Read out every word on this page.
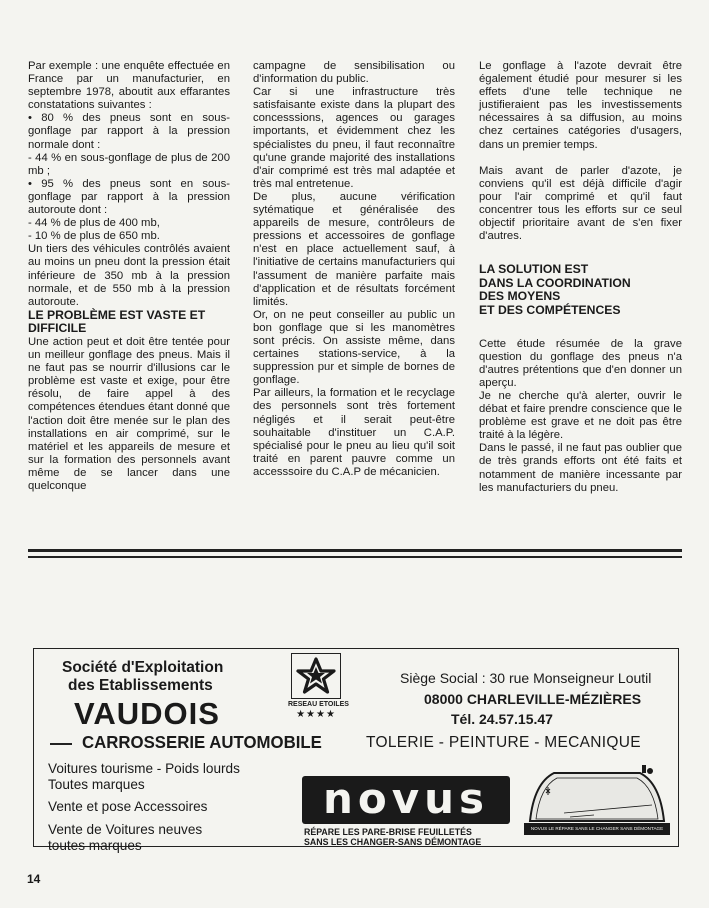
Par exemple : une enquête effectuée en France par un manufacturier, en septembre 1978, aboutit aux effarantes constatations suivantes :

• 80 % des pneus sont en sous-gonflage par rapport à la pression normale dont :

- 44 % en sous-gonflage de plus de 200 mb ;

• 95 % des pneus sont en sous-gonflage par rapport à la pression autoroute dont :

- 44 % de plus de 400 mb,

- 10 % de plus de 650 mb.

Un tiers des véhicules contrôlés avaient au moins un pneu dont la pression était inférieure de 350 mb à la pression normale, et de 550 mb à la pression autoroute.

LE PROBLÈME EST VASTE ET DIFFICILE

Une action peut et doit être tentée pour un meilleur gonflage des pneus. Mais il ne faut pas se nourrir d'illusions car le problème est vaste et exige, pour être résolu, de faire appel à des compétences étendues étant donné que l'action doit être menée sur le plan des installations en air comprimé, sur le matériel et les appareils de mesure et sur la formation des personnels avant même de se lancer dans une quelconque

campagne de sensibilisation ou d'information du public.

Car si une infrastructure très satisfaisante existe dans la plupart des concesssions, agences ou garages importants, et évidemment chez les spécialistes du pneu, il faut reconnaître qu'une grande majorité des installations d'air comprimé est très mal adaptée et très mal entretenue.

De plus, aucune vérification sytématique et généralisée des appareils de mesure, contrôleurs de pressions et accessoires de gonflage n'est en place actuellement sauf, à l'initiative de certains manufacturiers qui l'assument de manière parfaite mais d'application et de résultats forcément limités.

Or, on ne peut conseiller au public un bon gonflage que si les manomètres sont précis. On assiste même, dans certaines stations-service, à la suppression pur et simple de bornes de gonflage.

Par ailleurs, la formation et le recyclage des personnels sont très fortement négligés et il serait peut-être souhaitable d'instituer un C.A.P. spécialisé pour le pneu au lieu qu'il soit traité en parent pauvre comme un accesssoire du C.A.P de mécanicien.

Le gonflage à l'azote devrait être également étudié pour mesurer si les effets d'une telle technique ne justifieraient pas les investissements nécessaires à sa diffusion, au moins chez certaines catégories d'usagers, dans un premier temps.

Mais avant de parler d'azote, je conviens qu'il est déjà difficile d'agir pour l'air comprimé et qu'il faut concentrer tous les efforts sur ce seul objectif prioritaire avant de s'en fixer d'autres.

LA SOLUTION EST
DANS LA COORDINATION
DES MOYENS
ET DES COMPÉTENCES

Cette étude résumée de la grave question du gonflage des pneus n'a d'autres prétentions que d'en donner un aperçu.

Je ne cherche qu'à alerter, ouvrir le débat et faire prendre conscience que le problème est grave et ne doit pas être traité à la légère.

Dans le passé, il ne faut pas oublier que de très grands efforts ont été faits et notamment de manière incessante par les manufacturiers du pneu.

Société d'Exploitation
des Etablissements
VAUDOIS	RESEAU ETOILES
★★★★
Siège Social : 30 rue Monseigneur Loutil
08000 CHARLEVILLE-MÉZIÈRES
Tél. 24.57.15.47
CARROSSERIE AUTOMOBILE	TOLERIE - PEINTURE - MECANIQUE
Voitures tourisme - Poids lourds
Toutes marques
Vente et pose Accessoires
Vente de Voitures neuves
toutes marques
novus
RÉPARE LES PARE-BRISE FEUILLETÉS
SANS LES CHANGER-SANS DÉMONTAGE
NOVUS LE RÉPARE SANS LE CHANGER SANS DÉMONTAGE
14
